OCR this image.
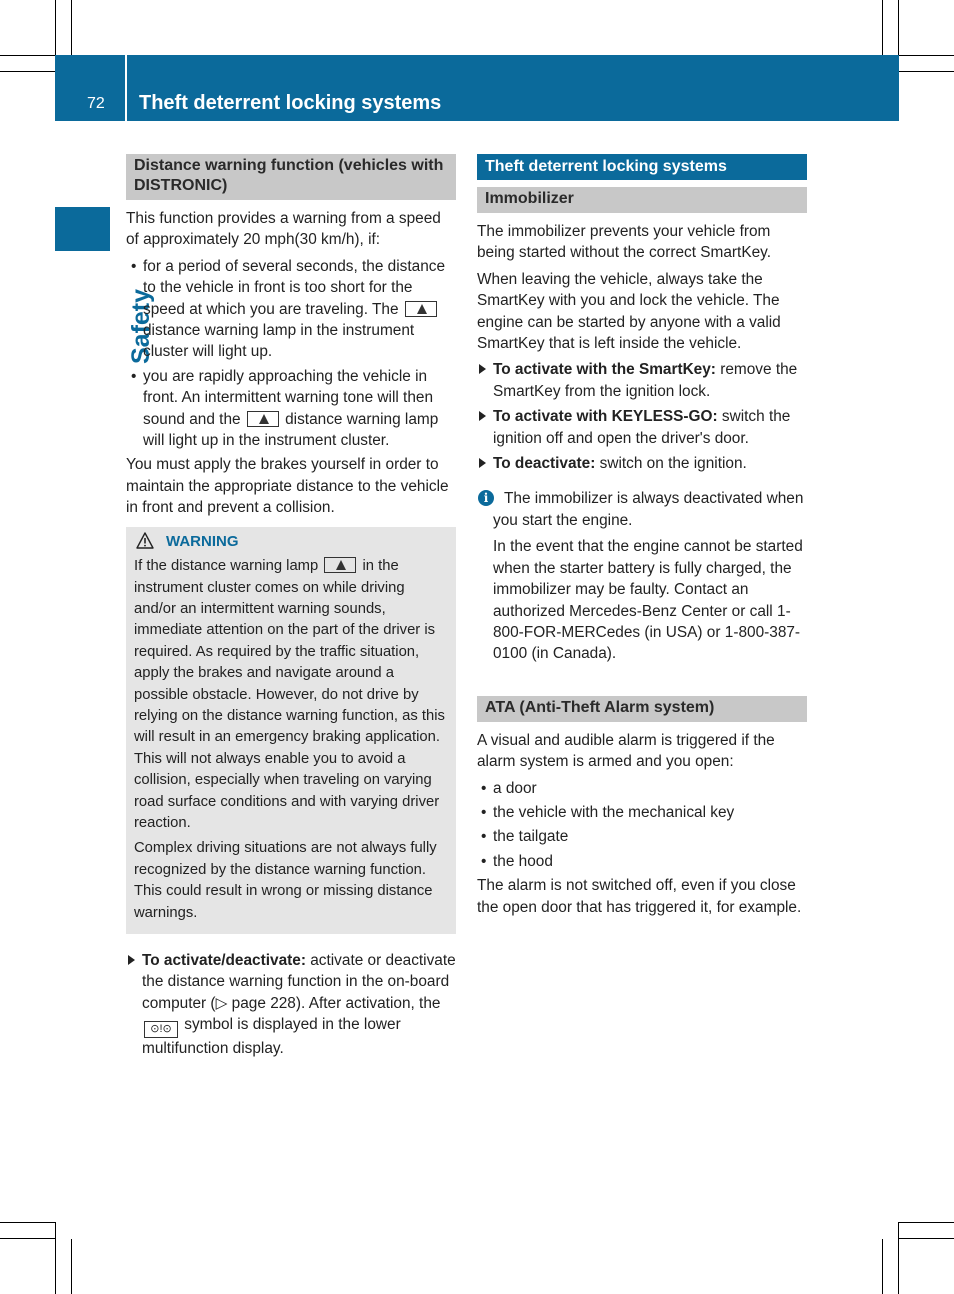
72 Theft deterrent locking systems
Safety
Distance warning function (vehicles with DISTRONIC)

This function provides a warning from a speed of approximately 20 mph(30 km/h), if:

• for a period of several seconds, the distance to the vehicle in front is too short for the speed at which you are traveling. The  distance warning lamp in the instrument cluster will light up.
• you are rapidly approaching the vehicle in front. An intermittent warning tone will then sound and the	distance warning lamp will light up in the instrument cluster.

You must apply the brakes yourself in order to maintain the appropriate distance to the vehicle in front and prevent a collision.

WARNING

If the distance warning lamp	in the instrument cluster comes on while driving and/or an intermittent warning sounds, immediate attention on the part of the driver is required. As required by the traffic situation, apply the brakes and navigate around a possible obstacle. However, do not drive by relying on the distance warning function, as this will result in an emergency braking application. This will not always enable you to avoid a collision, especially when traveling on varying road surface conditions and with varying driver reaction.

Complex driving situations are not always fully recognized by the distance warning function. This could result in wrong or missing distance warnings.

To activate/deactivate: activate or deactivate the distance warning function in the on-board computer (▷ page 228). After activation, the ⊙!⊙ symbol is displayed in the lower multifunction display.
Theft deterrent locking systems
Immobilizer

The immobilizer prevents your vehicle from being started without the correct SmartKey.

When leaving the vehicle, always take the SmartKey with you and lock the vehicle. The engine can be started by anyone with a valid SmartKey that is left inside the vehicle.

To activate with the SmartKey: remove the SmartKey from the ignition lock.
To activate with KEYLESS-GO: switch the ignition off and open the driver's door.
To deactivate: switch on the ignition.
i	The immobilizer is always deactivated when you start the engine.

In the event that the engine cannot be started when the starter battery is fully charged, the immobilizer may be faulty. Contact an authorized Mercedes-Benz Center or call 1-800-FOR-MERCedes (in USA) or 1-800-387-0100 (in Canada).

ATA (Anti-Theft Alarm system)

A visual and audible alarm is triggered if the alarm system is armed and you open:

• a door
• the vehicle with the mechanical key
• the tailgate
• the hood

The alarm is not switched off, even if you close the open door that has triggered it, for example.
